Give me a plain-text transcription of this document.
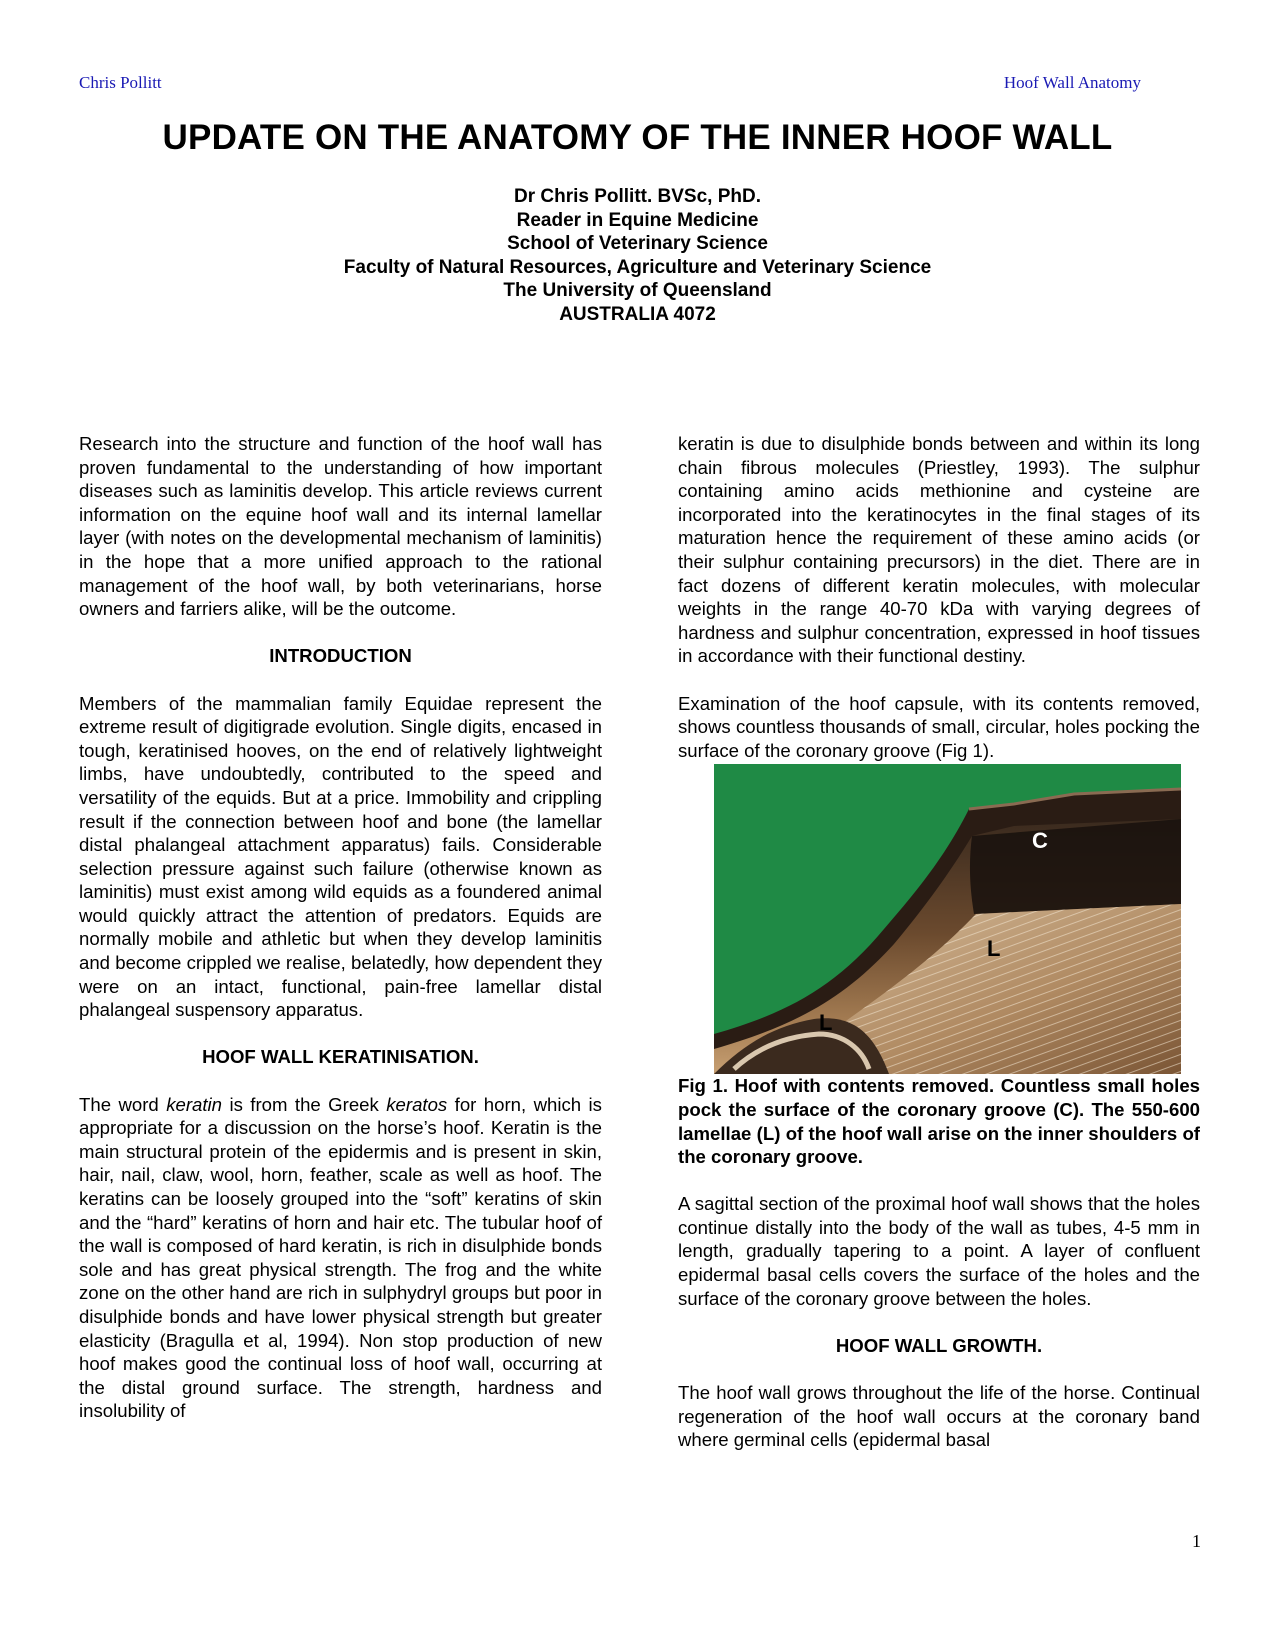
Chris Pollitt	Hoof Wall Anatomy
UPDATE ON THE ANATOMY OF THE INNER HOOF WALL
Dr Chris Pollitt. BVSc, PhD.
Reader in Equine Medicine
School of Veterinary Science
Faculty of Natural Resources, Agriculture and Veterinary Science
The University of Queensland
AUSTRALIA 4072

Research into the structure and function of the hoof wall has proven fundamental to the understanding of how important diseases such as laminitis develop. This article reviews current information on the equine hoof wall and its internal lamellar layer (with notes on the developmental mechanism of laminitis) in the hope that a more unified approach to the rational management of the hoof wall, by both veterinarians, horse owners and farriers alike, will be the outcome.

INTRODUCTION

Members of the mammalian family Equidae represent the extreme result of digitigrade evolution. Single digits, encased in tough, keratinised hooves, on the end of relatively lightweight limbs, have undoubtedly, contributed to the speed and versatility of the equids. But at a price. Immobility and crippling result if the connection between hoof and bone (the lamellar distal phalangeal attachment apparatus) fails. Considerable selection pressure against such failure (otherwise known as laminitis) must exist among wild equids as a foundered animal would quickly attract the attention of predators. Equids are normally mobile and athletic but when they develop laminitis and become crippled we realise, belatedly, how dependent they were on an intact, functional, pain-free lamellar distal phalangeal suspensory apparatus.

HOOF WALL KERATINISATION.

The word keratin is from the Greek keratos for horn, which is appropriate for a discussion on the horse’s hoof. Keratin is the main structural protein of the epidermis and is present in skin, hair, nail, claw, wool, horn, feather, scale as well as hoof. The keratins can be loosely grouped into the “soft” keratins of skin and the “hard” keratins of horn and hair etc. The tubular hoof of the wall is composed of hard keratin, is rich in disulphide bonds sole and has great physical strength. The frog and the white zone on the other hand are rich in sulphydryl groups but poor in disulphide bonds and have lower physical strength but greater elasticity (Bragulla et al, 1994). Non stop production of new hoof makes good the continual loss of hoof wall, occurring at the distal ground surface. The strength, hardness and insolubility of

keratin is due to disulphide bonds between and within its long chain fibrous molecules (Priestley, 1993). The sulphur containing amino acids methionine and cysteine are incorporated into the keratinocytes in the final stages of its maturation hence the requirement of these amino acids (or their sulphur containing precursors) in the diet. There are in fact dozens of different keratin molecules, with molecular weights in the range 40-70 kDa with varying degrees of hardness and sulphur concentration, expressed in hoof tissues in accordance with their functional destiny.

Examination of the hoof capsule, with its contents removed, shows countless thousands of small, circular, holes pocking the surface of the coronary groove (Fig 1).

C
L
L

Fig 1. Hoof with contents removed. Countless small holes pock the surface of the coronary groove (C). The 550-600 lamellae (L) of the hoof wall arise on the inner shoulders of the coronary groove.

A sagittal section of the proximal hoof wall shows that the holes continue distally into the body of the wall as tubes, 4-5 mm in length, gradually tapering to a point. A layer of confluent epidermal basal cells covers the surface of the holes and the surface of the coronary groove between the holes.

HOOF WALL GROWTH.

The hoof wall grows throughout the life of the horse. Continual regeneration of the hoof wall occurs at the coronary band where germinal cells (epidermal basal

1
